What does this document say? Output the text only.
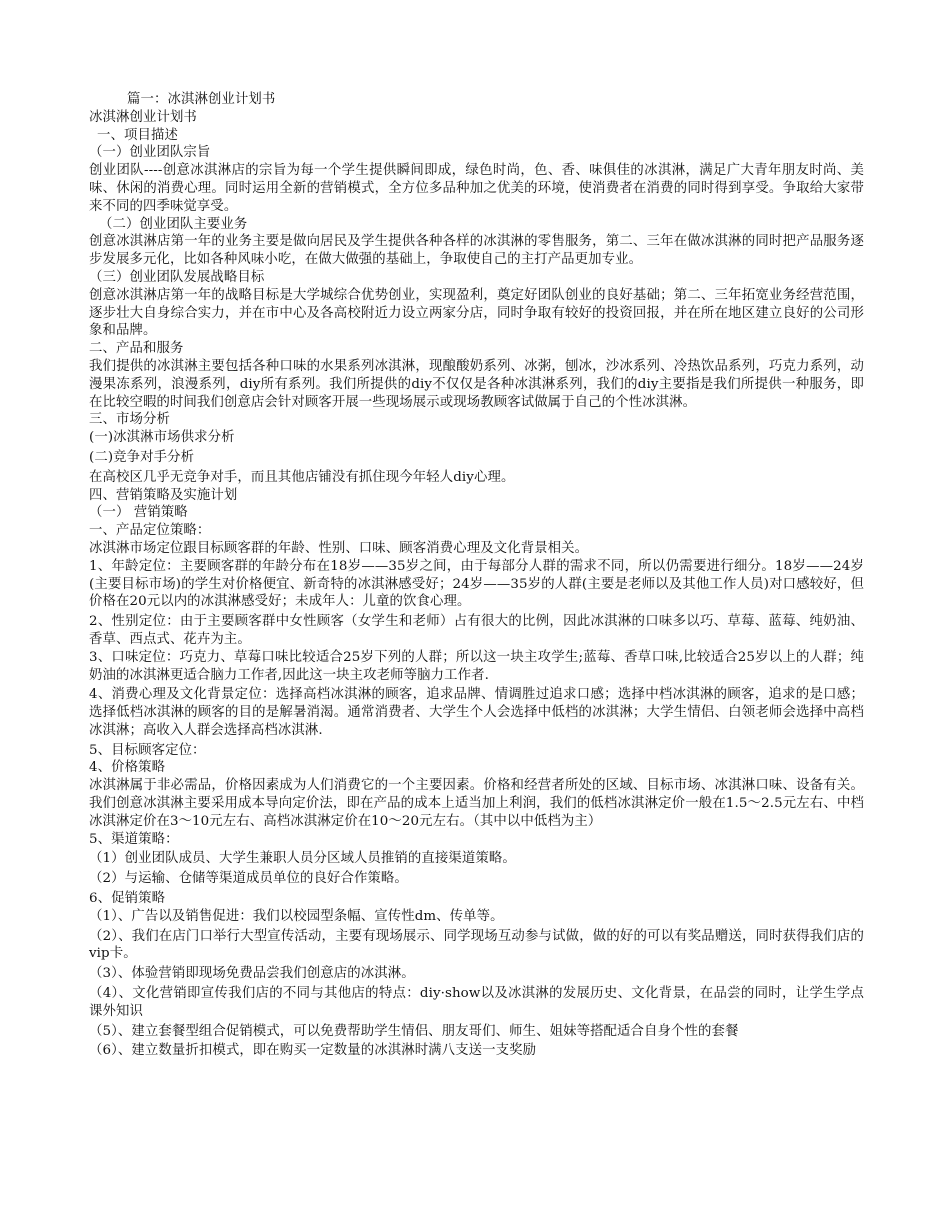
篇一：冰淇淋创业计划书

冰淇淋创业计划书

一、项目描述

（一）创业团队宗旨

创业团队----创意冰淇淋店的宗旨为每一个学生提供瞬间即成，绿色时尚，色、香、味俱佳的冰淇淋，满足广大青年朋友时尚、美味、休闲的消费心理。同时运用全新的营销模式，全方位多品种加之优美的环境，使消费者在消费的同时得到享受。争取给大家带来不同的四季味觉享受。

（二）创业团队主要业务

创意冰淇淋店第一年的业务主要是做向居民及学生提供各种各样的冰淇淋的零售服务，第二、三年在做冰淇淋的同时把产品服务逐步发展多元化，比如各种风味小吃，在做大做强的基础上，争取使自己的主打产品更加专业。

（三）创业团队发展战略目标

创意冰淇淋店第一年的战略目标是大学城综合优势创业，实现盈利，奠定好团队创业的良好基础；第二、三年拓宽业务经营范围，逐步壮大自身综合实力，并在市中心及各高校附近力设立两家分店，同时争取有较好的投资回报，并在所在地区建立良好的公司形象和品牌。

二、产品和服务

我们提供的冰淇淋主要包括各种口味的水果系列冰淇淋，现酿酸奶系列、冰粥，刨冰，沙冰系列、冷热饮品系列，巧克力系列，动漫果冻系列，浪漫系列，diy所有系列。我们所提供的diy不仅仅是各种冰淇淋系列，我们的diy主要指是我们所提供一种服务，即在比较空暇的时间我们创意店会针对顾客开展一些现场展示或现场教顾客试做属于自己的个性冰淇淋。

三、市场分析

(一)冰淇淋市场供求分析

(二)竞争对手分析

在高校区几乎无竞争对手，而且其他店铺没有抓住现今年轻人diy心理。

四、营销策略及实施计划

（一） 营销策略

一、产品定位策略：

冰淇淋市场定位跟目标顾客群的年龄、性别、口味、顾客消费心理及文化背景相关。

1、年龄定位：主要顾客群的年龄分布在18岁——35岁之间，由于每部分人群的需求不同，所以仍需要进行细分。18岁——24岁(主要目标市场)的学生对价格便宜、新奇特的冰淇淋感受好；24岁——35岁的人群(主要是老师以及其他工作人员)对口感较好，但价格在20元以内的冰淇淋感受好；未成年人：儿童的饮食心理。

2、性别定位：由于主要顾客群中女性顾客（女学生和老师）占有很大的比例，因此冰淇淋的口味多以巧、草莓、蓝莓、纯奶油、香草、西点式、花卉为主。

3、口味定位：巧克力、草莓口味比较适合25岁下列的人群；所以这一块主攻学生;蓝莓、香草口味,比较适合25岁以上的人群；纯奶油的冰淇淋更适合脑力工作者,因此这一块主攻老师等脑力工作者.

4、消费心理及文化背景定位：选择高档冰淇淋的顾客，追求品牌、情调胜过追求口感；选择中档冰淇淋的顾客，追求的是口感；选择低档冰淇淋的顾客的目的是解暑消渴。通常消费者、大学生个人会选择中低档的冰淇淋；大学生情侣、白领老师会选择中高档冰淇淋；高收入人群会选择高档冰淇淋.

5、目标顾客定位：

4、价格策略

冰淇淋属于非必需品，价格因素成为人们消费它的一个主要因素。价格和经营者所处的区域、目标市场、冰淇淋口味、设备有关。我们创意冰淇淋主要采用成本导向定价法，即在产品的成本上适当加上利润，我们的低档冰淇淋定价一般在1.5～2.5元左右、中档冰淇淋定价在3～10元左右、高档冰淇淋定价在10～20元左右。（其中以中低档为主）

5、渠道策略：

（1）创业团队成员、大学生兼职人员分区域人员推销的直接渠道策略。

（2）与运输、仓储等渠道成员单位的良好合作策略。

6、促销策略

（1）、广告以及销售促进：我们以校园型条幅、宣传性dm、传单等。

（2）、我们在店门口举行大型宣传活动，主要有现场展示、同学现场互动参与试做，做的好的可以有奖品赠送，同时获得我们店的vip卡。

（3）、体验营销即现场免费品尝我们创意店的冰淇淋。

（4）、文化营销即宣传我们店的不同与其他店的特点：diy·show以及冰淇淋的发展历史、文化背景，在品尝的同时，让学生学点课外知识

（5）、建立套餐型组合促销模式，可以免费帮助学生情侣、朋友哥们、师生、姐妹等搭配适合自身个性的套餐

（6）、建立数量折扣模式，即在购买一定数量的冰淇淋时满八支送一支奖励
